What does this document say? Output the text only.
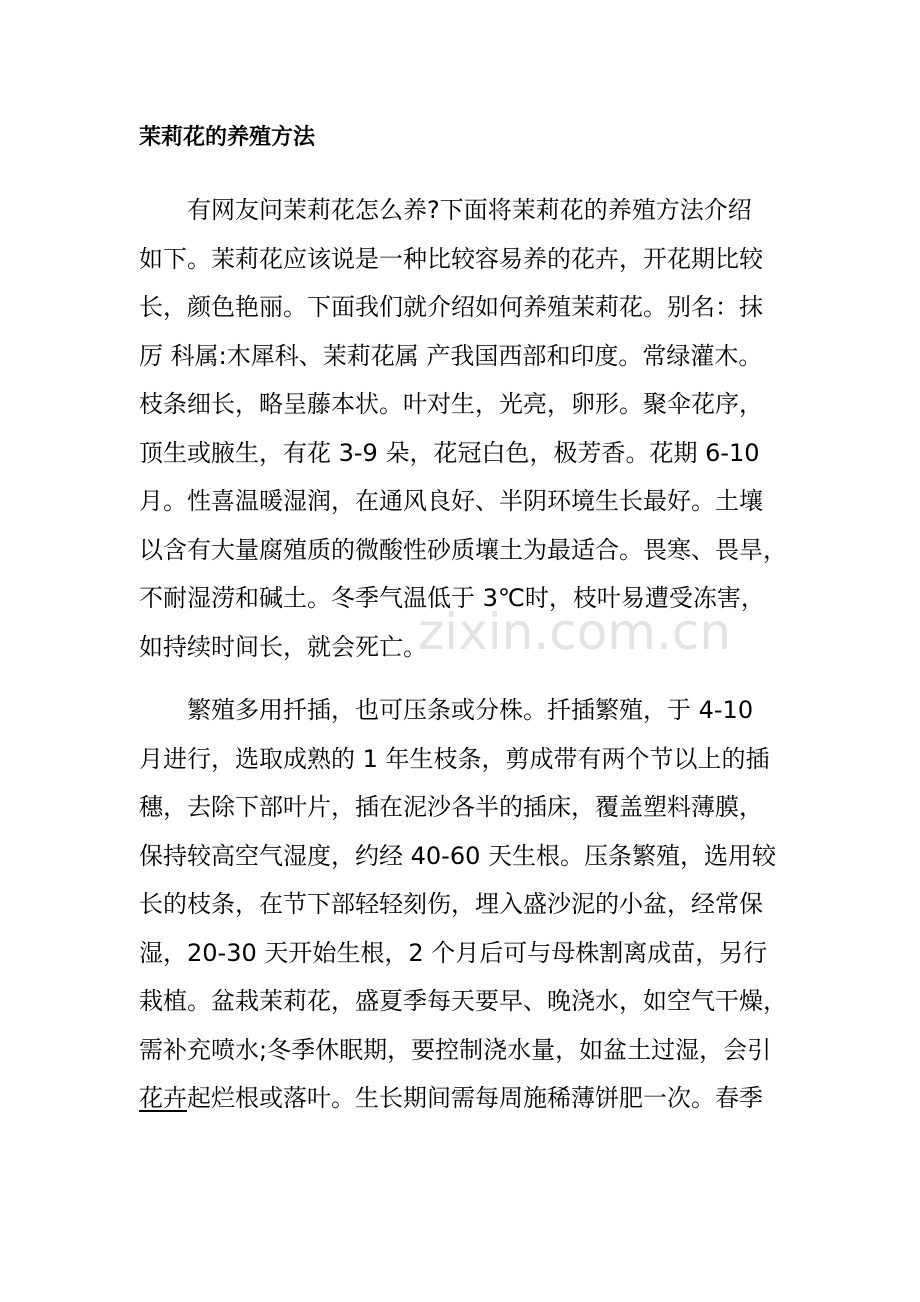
茉莉花的养殖方法
有网友问茉莉花怎么养?下面将茉莉花的养殖方法介绍
如下。茉莉花应该说是一种比较容易养的花卉，开花期比较
长，颜色艳丽。下面我们就介绍如何养殖茉莉花。别名：抹
厉 科属:木犀科、茉莉花属 产我国西部和印度。常绿灌木。
枝条细长，略呈藤本状。叶对生，光亮，卵形。聚伞花序，
顶生或腋生，有花 3-9 朵，花冠白色，极芳香。花期 6-10
月。性喜温暖湿润，在通风良好、半阴环境生长最好。土壤
以含有大量腐殖质的微酸性砂质壤土为最适合。畏寒、畏旱，
不耐湿涝和碱土。冬季气温低于 3℃时，枝叶易遭受冻害，
如持续时间长，就会死亡。
zixin.com.cn
繁殖多用扦插，也可压条或分株。扦插繁殖，于 4-10
月进行，选取成熟的 1 年生枝条，剪成带有两个节以上的插
穗，去除下部叶片，插在泥沙各半的插床，覆盖塑料薄膜，
保持较高空气湿度，约经 40-60 天生根。压条繁殖，选用较
长的枝条，在节下部轻轻刻伤，埋入盛沙泥的小盆，经常保
湿，20-30 天开始生根，2 个月后可与母株割离成苗，另行
栽植。盆栽茉莉花，盛夏季每天要早、晚浇水，如空气干燥，
需补充喷水;冬季休眠期，要控制浇水量，如盆土过湿，会引
花卉起烂根或落叶。生长期间需每周施稀薄饼肥一次。春季
